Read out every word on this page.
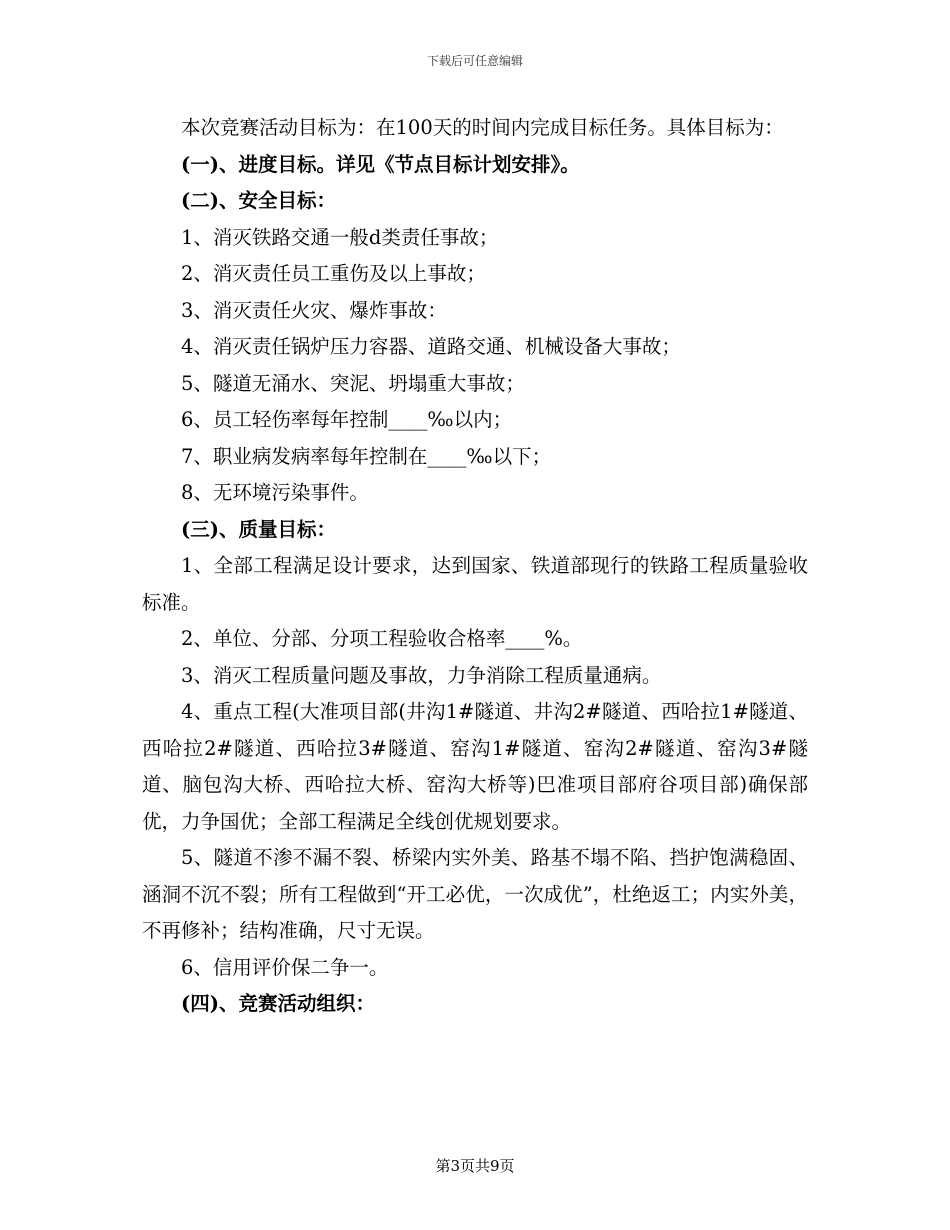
下载后可任意编辑

本次竞赛活动目标为：在100天的时间内完成目标任务。具体目标为：

(一)、进度目标。详见《节点目标计划安排》。

(二)、安全目标：

1、消灭铁路交通一般d类责任事故；

2、消灭责任员工重伤及以上事故；

3、消灭责任火灾、爆炸事故：

4、消灭责任锅炉压力容器、道路交通、机械设备大事故；

5、隧道无涌水、突泥、坍塌重大事故；

6、员工轻伤率每年控制____‰以内；

7、职业病发病率每年控制在____‰以下；

8、无环境污染事件。

(三)、质量目标：

1、全部工程满足设计要求，达到国家、铁道部现行的铁路工程质量验收标准。

2、单位、分部、分项工程验收合格率____%。

3、消灭工程质量问题及事故，力争消除工程质量通病。

4、重点工程(大准项目部(井沟1#隧道、井沟2#隧道、西哈拉1#隧道、西哈拉2#隧道、西哈拉3#隧道、窑沟1#隧道、窑沟2#隧道、窑沟3#隧道、脑包沟大桥、西哈拉大桥、窑沟大桥等)巴准项目部府谷项目部)确保部优，力争国优；全部工程满足全线创优规划要求。

5、隧道不渗不漏不裂、桥梁内实外美、路基不塌不陷、挡护饱满稳固、涵洞不沉不裂；所有工程做到“开工必优，一次成优”，杜绝返工；内实外美，不再修补；结构准确，尺寸无误。

6、信用评价保二争一。

(四)、竞赛活动组织：

第3页共9页
